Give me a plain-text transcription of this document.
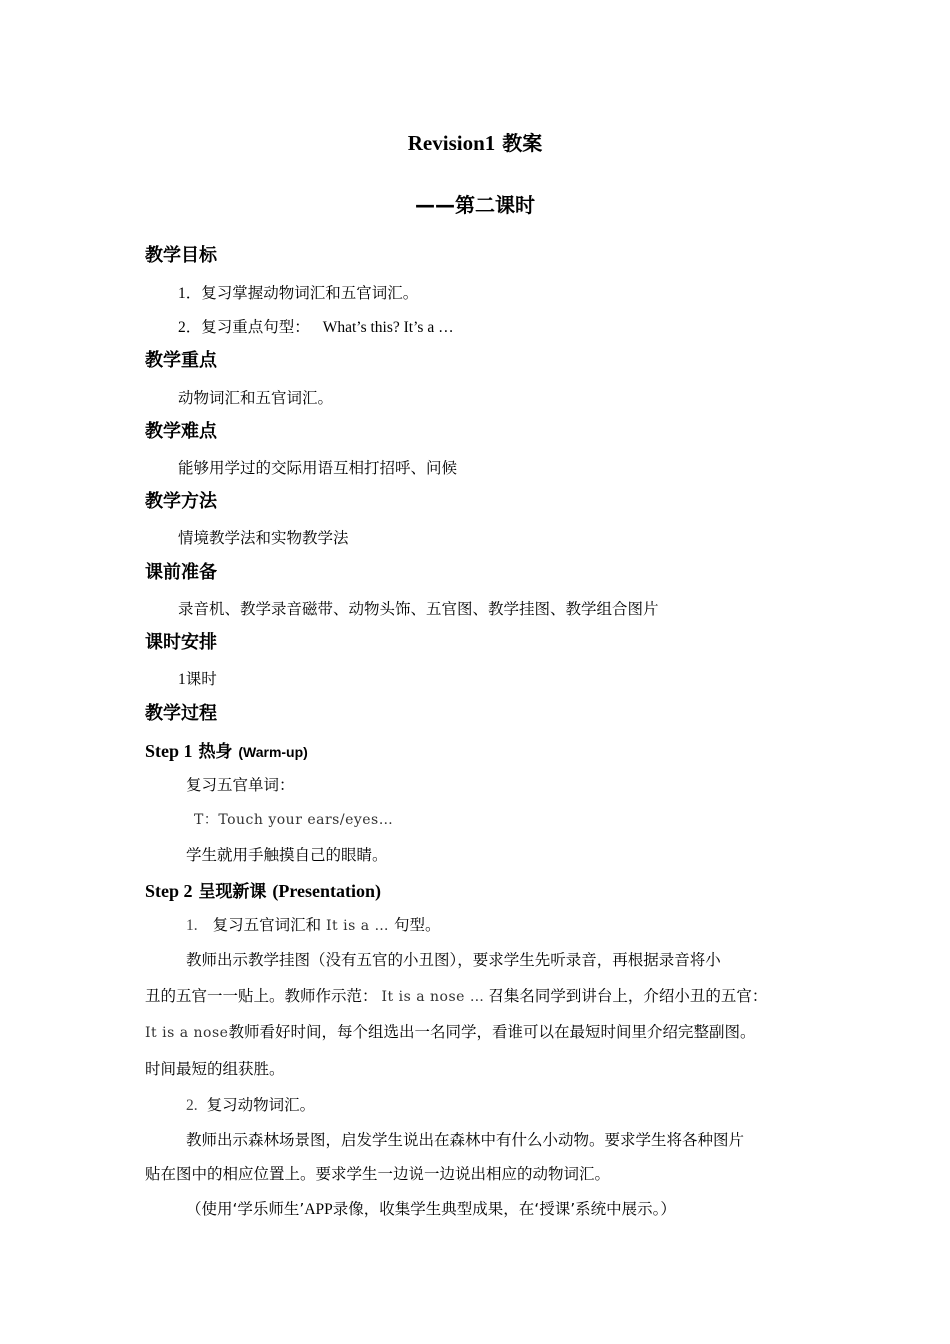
Revision1 教案
——第二课时
教学目标
1．复习掌握动物词汇和五官词汇。
2．复习重点句型： What’s this? It’s a …
教学重点
动物词汇和五官词汇。
教学难点
能够用学过的交际用语互相打招呼、问候
教学方法
情境教学法和实物教学法
课前准备
录音机、教学录音磁带、动物头饰、五官图、教学挂图、教学组合图片
课时安排
1课时
教学过程
Step 1 热身 (Warm-up)
复习五官单词：
T：Touch your ears/eyes…
学生就用手触摸自己的眼睛。
Step 2 呈现新课 (Presentation)
1. 复习五官词汇和 It is a … 句型。
教师出示教学挂图（没有五官的小丑图），要求学生先听录音，再根据录音将小
丑的五官一一贴上。教师作示范： It is a nose … 召集名同学到讲台上，介绍小丑的五官：
It is a nose教师看好时间，每个组选出一名同学，看谁可以在最短时间里介绍完整副图。
时间最短的组获胜。
2. 复习动物词汇。
教师出示森林场景图，启发学生说出在森林中有什么小动物。要求学生将各种图片
贴在图中的相应位置上。要求学生一边说一边说出相应的动物词汇。
（使用‘学乐师生’APP录像，收集学生典型成果，在‘授课’系统中展示。）
